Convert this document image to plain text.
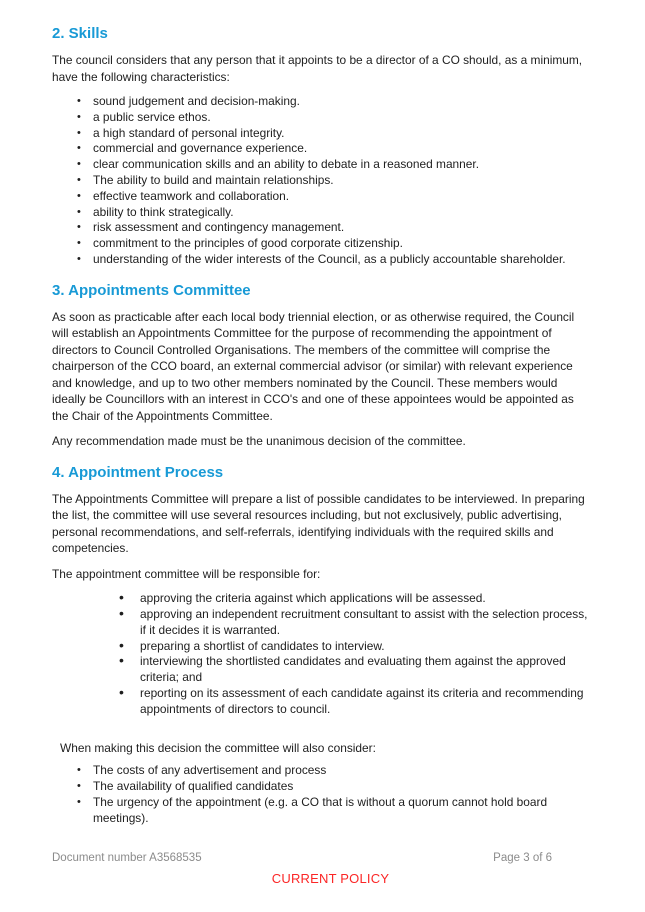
2. Skills

The council considers that any person that it appoints to be a director of a CO should, as a minimum, have the following characteristics:

• sound judgement and decision-making.
• a public service ethos.
• a high standard of personal integrity.
• commercial and governance experience.
• clear communication skills and an ability to debate in a reasoned manner.
• The ability to build and maintain relationships.
• effective teamwork and collaboration.
• ability to think strategically.
• risk assessment and contingency management.
• commitment to the principles of good corporate citizenship.
• understanding of the wider interests of the Council, as a publicly accountable shareholder.
3. Appointments Committee

As soon as practicable after each local body triennial election, or as otherwise required, the Council will establish an Appointments Committee for the purpose of recommending the appointment of directors to Council Controlled Organisations. The members of the committee will comprise the chairperson of the CCO board, an external commercial advisor (or similar) with relevant experience and knowledge, and up to two other members nominated by the Council. These members would ideally be Councillors with an interest in CCO's and one of these appointees would be appointed as the Chair of the Appointments Committee.

Any recommendation made must be the unanimous decision of the committee.

4. Appointment Process

The Appointments Committee will prepare a list of possible candidates to be interviewed. In preparing the list, the committee will use several resources including, but not exclusively, public advertising, personal recommendations, and self-referrals, identifying individuals with the required skills and competencies.

The appointment committee will be responsible for:

• approving the criteria against which applications will be assessed.
• approving an independent recruitment consultant to assist with the selection process, if it decides it is warranted.
• preparing a shortlist of candidates to interview.
• interviewing the shortlisted candidates and evaluating them against the approved criteria; and
• reporting on its assessment of each candidate against its criteria and recommending appointments of directors to council.

When making this decision the committee will also consider:

• The costs of any advertisement and process
• The availability of qualified candidates
• The urgency of the appointment (e.g. a CO that is without a quorum cannot hold board meetings).
Document number A3568535	Page 3 of 6
CURRENT POLICY
